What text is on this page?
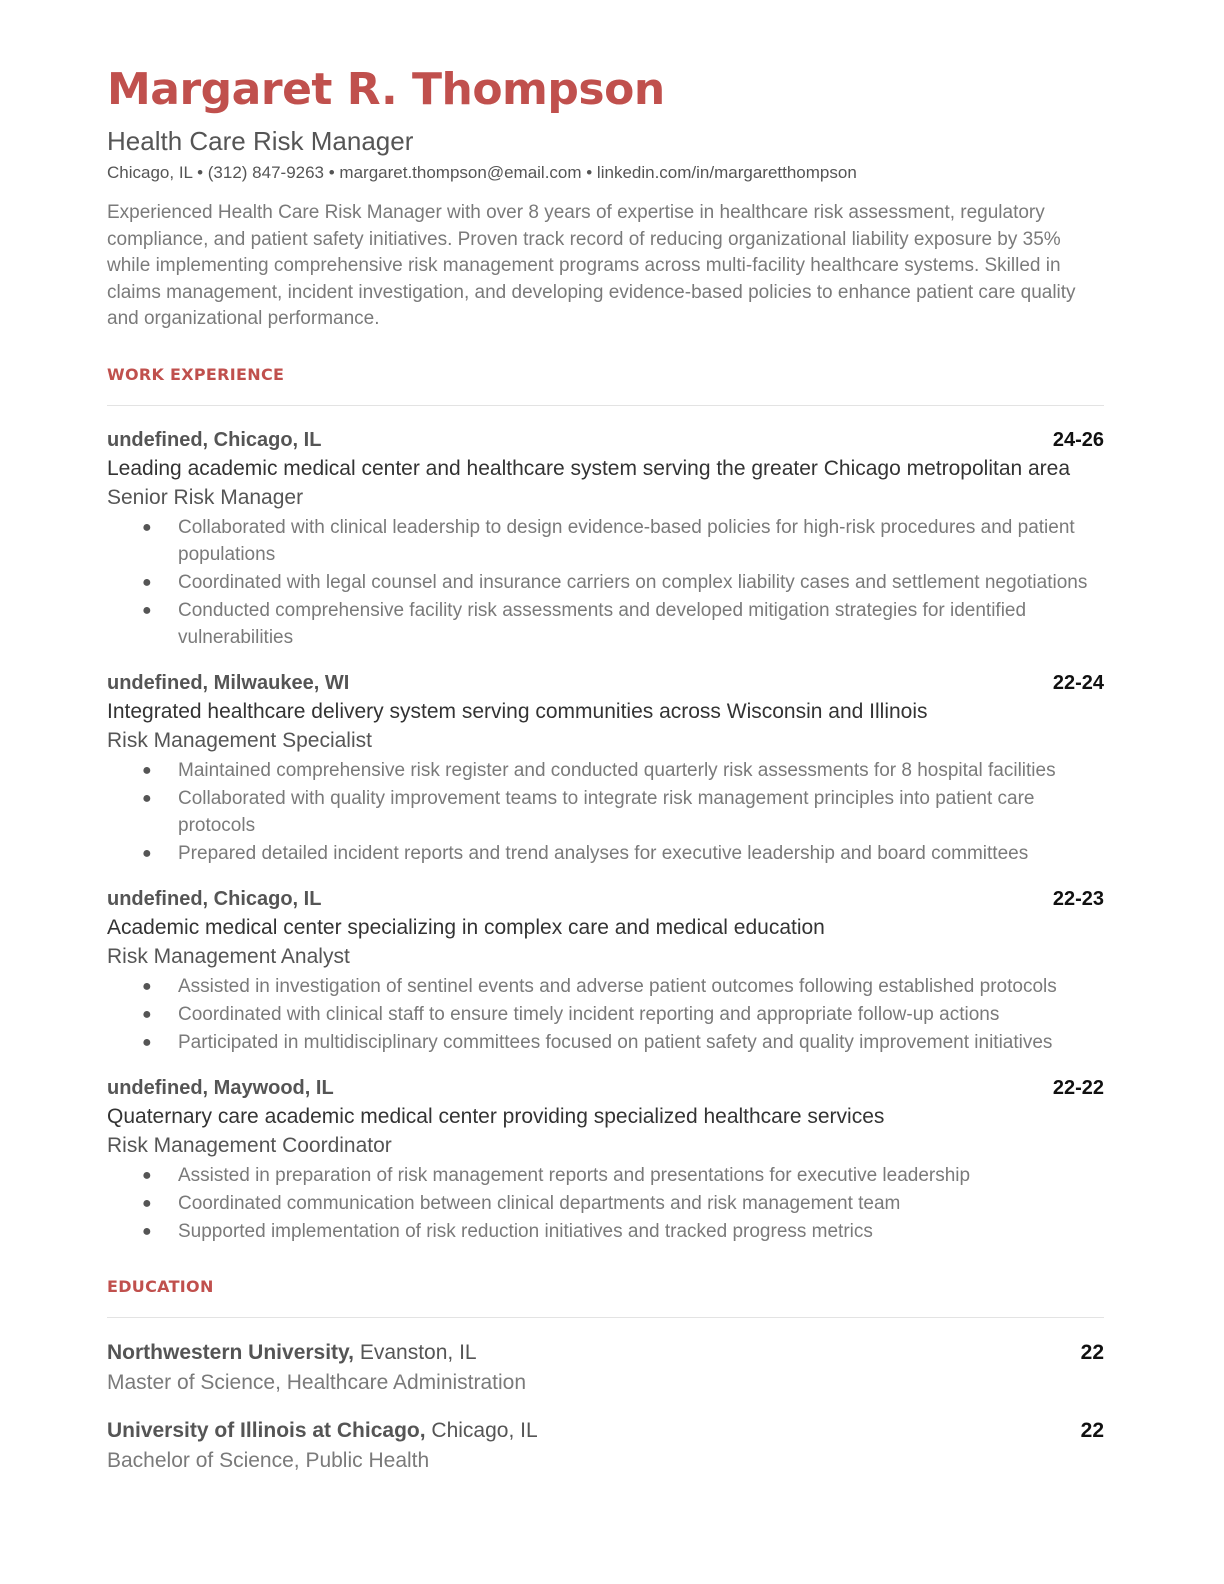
Margaret R. Thompson
Health Care Risk Manager
Chicago, IL • (312) 847-9263 • margaret.thompson@email.com • linkedin.com/in/margaretthompson
Experienced Health Care Risk Manager with over 8 years of expertise in healthcare risk assessment, regulatory compliance, and patient safety initiatives. Proven track record of reducing organizational liability exposure by 35% while implementing comprehensive risk management programs across multi-facility healthcare systems. Skilled in claims management, incident investigation, and developing evidence-based policies to enhance patient care quality and organizational performance.
WORK EXPERIENCE
undefined, Chicago, IL	24-26
Leading academic medical center and healthcare system serving the greater Chicago metropolitan area
Senior Risk Manager
● Collaborated with clinical leadership to design evidence-based policies for high-risk procedures and patient populations
● Coordinated with legal counsel and insurance carriers on complex liability cases and settlement negotiations
● Conducted comprehensive facility risk assessments and developed mitigation strategies for identified vulnerabilities
undefined, Milwaukee, WI	22-24
Integrated healthcare delivery system serving communities across Wisconsin and Illinois
Risk Management Specialist
● Maintained comprehensive risk register and conducted quarterly risk assessments for 8 hospital facilities
● Collaborated with quality improvement teams to integrate risk management principles into patient care protocols
● Prepared detailed incident reports and trend analyses for executive leadership and board committees
undefined, Chicago, IL	22-23
Academic medical center specializing in complex care and medical education
Risk Management Analyst
● Assisted in investigation of sentinel events and adverse patient outcomes following established protocols
● Coordinated with clinical staff to ensure timely incident reporting and appropriate follow-up actions
● Participated in multidisciplinary committees focused on patient safety and quality improvement initiatives
undefined, Maywood, IL	22-22
Quaternary care academic medical center providing specialized healthcare services
Risk Management Coordinator
● Assisted in preparation of risk management reports and presentations for executive leadership
● Coordinated communication between clinical departments and risk management team
● Supported implementation of risk reduction initiatives and tracked progress metrics
EDUCATION
Northwestern University, Evanston, IL	22
Master of Science, Healthcare Administration
University of Illinois at Chicago, Chicago, IL	22
Bachelor of Science, Public Health
